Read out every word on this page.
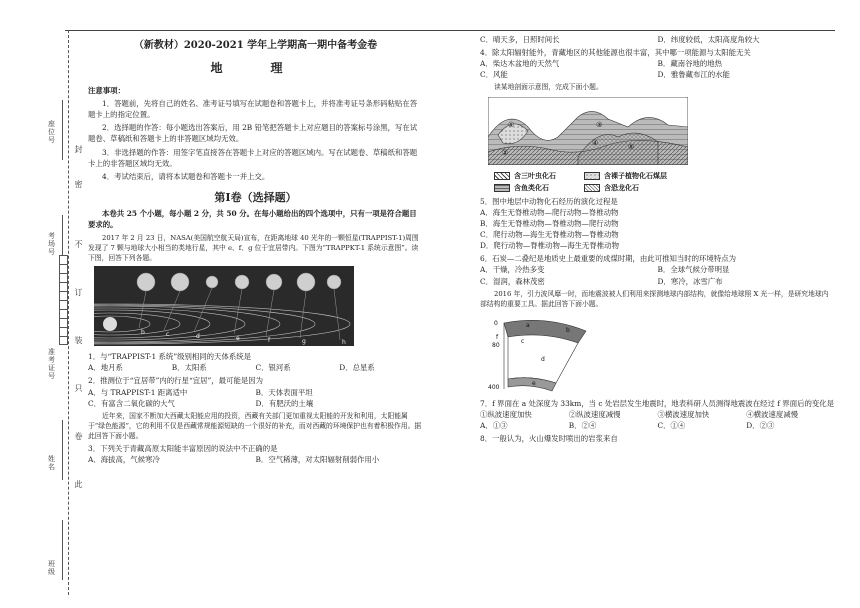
封
密
不
订
装
只
卷
此
座位号
考场号
准考证号
姓名
班级
（新教材）2020-2021 学年上学期高一期中备考金卷
地　理
注意事项：
1．答题前，先将自己的姓名、准考证号填写在试题卷和答题卡上，并将准考证号条形码粘贴在答题卡上的指定位置。
2．选择题的作答：每小题选出答案后，用 2B 铅笔把答题卡上对应题目的答案标号涂黑，写在试题卷、草稿纸和答题卡上的非答题区域均无效。
3．非选择题的作答：用签字笔直接答在答题卡上对应的答题区域内。写在试题卷、草稿纸和答题卡上的非答题区域均无效。
4．考试结束后，请将本试题卷和答题卡一并上交。
第Ⅰ卷（选择题）
本卷共 25 个小题，每小题 2 分，共 50 分。在每小题给出的四个选项中，只有一项是符合题目要求的。
2017 年 2 月 23 日，NASA(美国航空航天局)宣布，在距离地球 40 光年的一颗恒星(TRAPPIST-1)周围发现了 7 颗与地球大小相当的类地行星，其中 e、f、g 位于宜居带内。下图为“TRAPPKT-1 系统示意图”。读下图，回答下列各题。
b	c	d	e	f	g	h
1．与“TRAPPIST-1 系统”级别相同的天体系统是
A．地月系	B．太阳系	C．银河系	D．总星系
2．推测位于“宜居带”内的行星“宜居”，最可能是因为
A．与 TRAPPIST-1 距离适中	B．天体表面平坦
C．有富含二氧化碳的大气	D．有肥沃的土壤
近年来，国家不断加大西藏太阳能应用的投资，西藏有关部门更加重视太阳能的开发和利用，太阳能属于“绿色能源”，它的利用不仅是西藏常规能源短缺的一个很好的补充，而对西藏的环境保护也有着积极作用。据此回答下面小题。
3．下列关于青藏高原太阳能丰富原因的说法中不正确的是
A．海拔高，气候寒冷	B．空气稀薄，对太阳辐射削弱作用小
C．晴天多，日照时间长	D．纬度较低，太阳高度角较大
4．除太阳辐射能外，青藏地区的其他能源也很丰富，其中哪一项能源与太阳能无关
A．柴达木盆地的天然气	B．藏南谷地的地热
C．风能	D．雅鲁藏布江的水能
读某地剖面示意图，完成下面小题。
①
②
③
④	⑤
含三叶虫化石	含裸子植物化石煤层
含鱼类化石	含恐龙化石
5．图中地层中动物化石经历的演化过程是
A．海生无脊椎动物—爬行动物—脊椎动物
B．海生无脊椎动物—脊椎动物—爬行动物
C．爬行动物—海生无脊椎动物—脊椎动物
D．爬行动物—脊椎动物—海生无脊椎动物
6．石炭—二叠纪是地质史上最重要的成煤时期，由此可推知当时的环境特点为
A．干燥，冷热多变	B．全球气候分带明显
C．湿润，森林茂密	D．寒冷，冰雪广布
2016 年，引力波风靡一时，而地震波被人们利用来探测地球内部结构，就像给地球照 X 光一样，是研究地球内部结构的重要工具。据此回答下面小题。
0
f
80
a
b
c
d
e
400
7．f 界面在 a 处深度为 33km，当 c 处岩层发生地震时，地表科研人员测得地震波在经过 f 界面后的变化是
①纵波速度加快	②纵波速度减慢	③横波速度加快	④横波速度减慢
A．①③	B．②④	C．①④	D．②③
8．一般认为，火山爆发时喷出的岩浆来自
